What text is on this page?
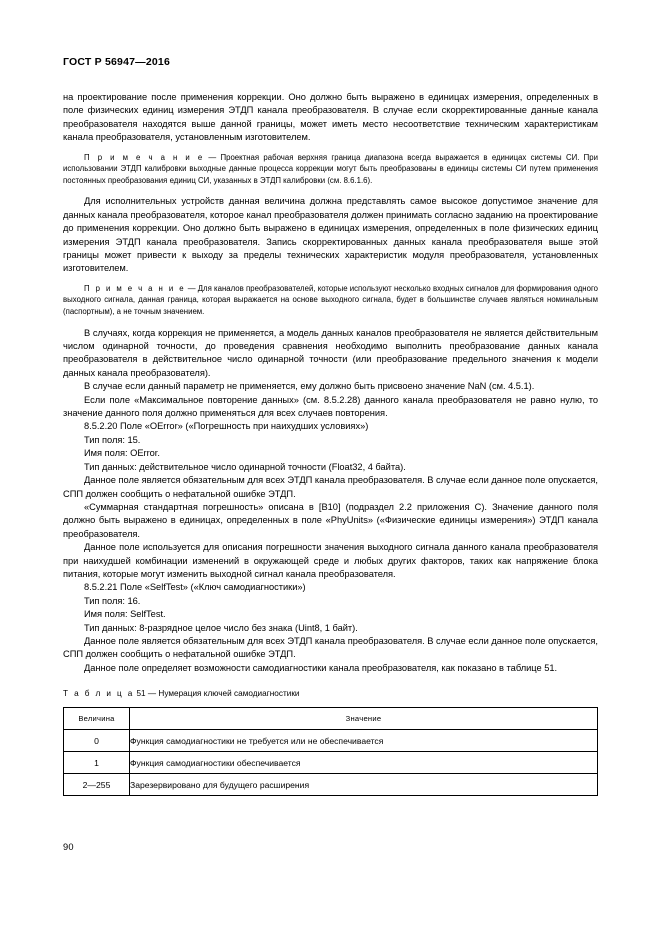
ГОСТ Р 56947—2016

на проектирование после применения коррекции. Оно должно быть выражено в единицах измерения, определенных в поле физических единиц измерения ЭТДП канала преобразователя. В случае если скорректированные данные канала преобразователя находятся выше данной границы, может иметь место несоответствие техническим характеристикам канала преобразователя, установленным изготовителем.

П р и м е ч а н и е — Проектная рабочая верхняя граница диапазона всегда выражается в единицах системы СИ. При использовании ЭТДП калибровки выходные данные процесса коррекции могут быть преобразованы в единицы системы СИ путем применения постоянных преобразования единиц СИ, указанных в ЭТДП калибровки (см. 8.6.1.6).

Для исполнительных устройств данная величина должна представлять самое высокое допустимое значение для данных канала преобразователя, которое канал преобразователя должен принимать согласно заданию на проектирование до применения коррекции. Оно должно быть выражено в единицах измерения, определенных в поле физических единиц измерения ЭТДП канала преобразователя. Запись скорректированных данных канала преобразователя выше этой границы может привести к выходу за пределы технических характеристик модуля преобразователя, установленных изготовителем.

П р и м е ч а н и е — Для каналов преобразователей, которые используют несколько входных сигналов для формирования одного выходного сигнала, данная граница, которая выражается на основе выходного сигнала, будет в большинстве случаев являться номинальным (паспортным), а не точным значением.

В случаях, когда коррекция не применяется, а модель данных каналов преобразователя не является действительным числом одинарной точности, до проведения сравнения необходимо выполнить преобразование данных канала преобразователя в действительное число одинарной точности (или преобразование предельного значения к модели данных канала преобразователя).

В случае если данный параметр не применяется, ему должно быть присвоено значение NaN (см. 4.5.1).

Если поле «Максимальное повторение данных» (см. 8.5.2.28) данного канала преобразователя не равно нулю, то значение данного поля должно применяться для всех случаев повторения.

8.5.2.20 Поле «OError» («Погрешность при наихудших условиях»)

Тип поля: 15.

Имя поля: OError.

Тип данных: действительное число одинарной точности (Float32, 4 байта).

Данное поле является обязательным для всех ЭТДП канала преобразователя. В случае если данное поле опускается, СПП должен сообщить о нефатальной ошибке ЭТДП.

«Суммарная стандартная погрешность» описана в [B10] (подраздел 2.2 приложения C). Значение данного поля должно быть выражено в единицах, определенных в поле «PhyUnits» («Физические единицы измерения») ЭТДП канала преобразователя.

Данное поле используется для описания погрешности значения выходного сигнала данного канала преобразователя при наихудшей комбинации изменений в окружающей среде и любых других факторов, таких как напряжение блока питания, которые могут изменить выходной сигнал канала преобразователя.

8.5.2.21 Поле «SelfTest» («Ключ самодиагностики»)

Тип поля: 16.

Имя поля: SelfTest.

Тип данных: 8-разрядное целое число без знака (Uint8, 1 байт).

Данное поле является обязательным для всех ЭТДП канала преобразователя. В случае если данное поле опускается, СПП должен сообщить о нефатальной ошибке ЭТДП.

Данное поле определяет возможности самодиагностики канала преобразователя, как показано в таблице 51.

Т а б л и ц а 51 — Нумерация ключей самодиагностики

Величина	Значение
0	Функция самодиагностики не требуется или не обеспечивается
1	Функция самодиагностики обеспечивается
2—255	Зарезервировано для будущего расширения
90
